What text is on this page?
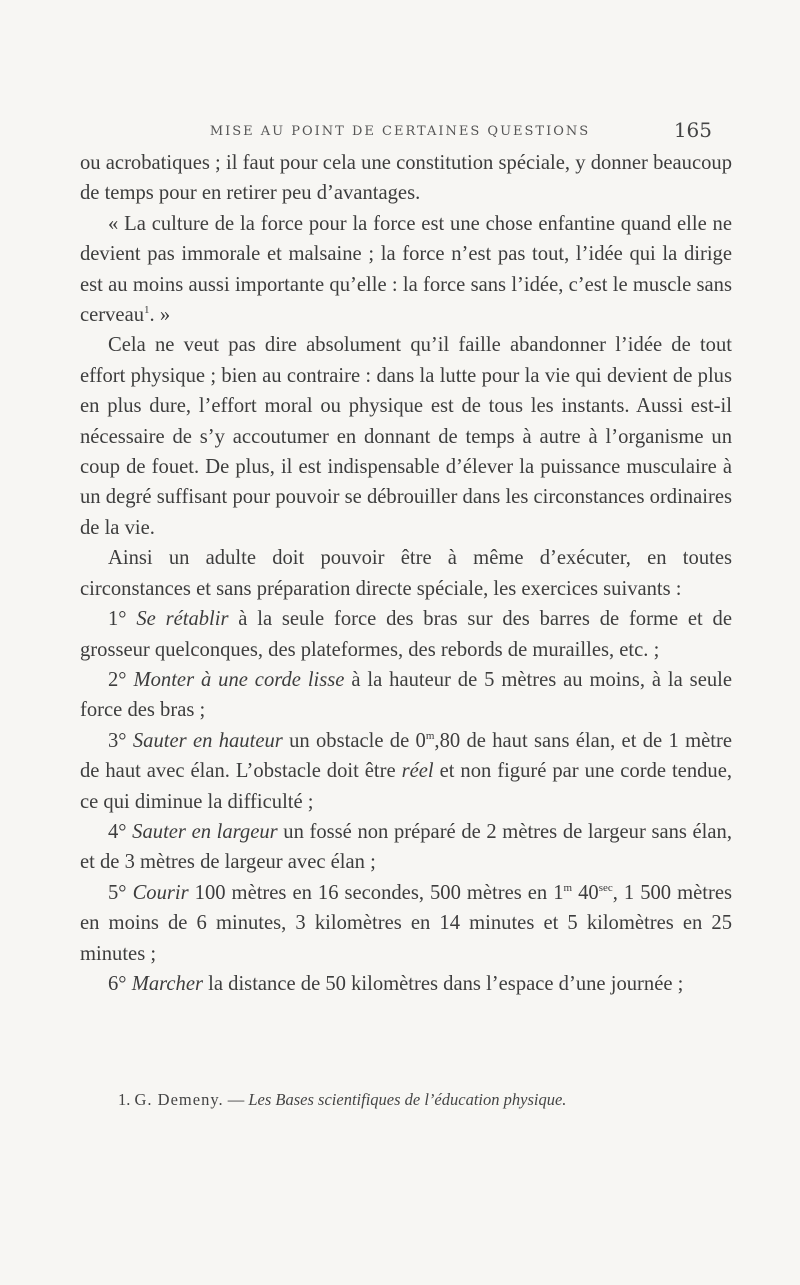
MISE AU POINT DE CERTAINES QUESTIONS	165

ou acrobatiques ; il faut pour cela une constitution spéciale, y donner beaucoup de temps pour en retirer peu d’avantages.

« La culture de la force pour la force est une chose enfantine quand elle ne devient pas immorale et malsaine ; la force n’est pas tout, l’idée qui la dirige est au moins aussi importante qu’elle : la force sans l’idée, c’est le muscle sans cerveau$^1$. »

Cela ne veut pas dire absolument qu’il faille abandonner l’idée de tout effort physique ; bien au contraire : dans la lutte pour la vie qui devient de plus en plus dure, l’effort moral ou physique est de tous les instants. Aussi est-il nécessaire de s’y accoutumer en donnant de temps à autre à l’organisme un coup de fouet. De plus, il est indispensable d’élever la puissance musculaire à un degré suffisant pour pouvoir se débrouiller dans les circonstances ordinaires de la vie.

Ainsi un adulte doit pouvoir être à même d’exécuter, en toutes circonstances et sans préparation directe spéciale, les exercices suivants :

1° Se rétablir à la seule force des bras sur des barres de forme et de grosseur quelconques, des plateformes, des rebords de murailles, etc. ;

2° Monter à une corde lisse à la hauteur de 5 mètres au moins, à la seule force des bras ;

3° Sauter en hauteur un obstacle de 0$^m$,80 de haut sans élan, et de 1 mètre de haut avec élan. L’obstacle doit être réel et non figuré par une corde tendue, ce qui diminue la difficulté ;

4° Sauter en largeur un fossé non préparé de 2 mètres de largeur sans élan, et de 3 mètres de largeur avec élan ;

5° Courir 100 mètres en 16 secondes, 500 mètres en 1$^m$ $40^{sec}$, 1 500 mètres en moins de 6 minutes, 3 kilomètres en 14 minutes et 5 kilomètres en 25 minutes ;

6° Marcher la distance de 50 kilomètres dans l’espace d’une journée ;

1. G. Demeny. — Les Bases scientifiques de l’éducation physique.
